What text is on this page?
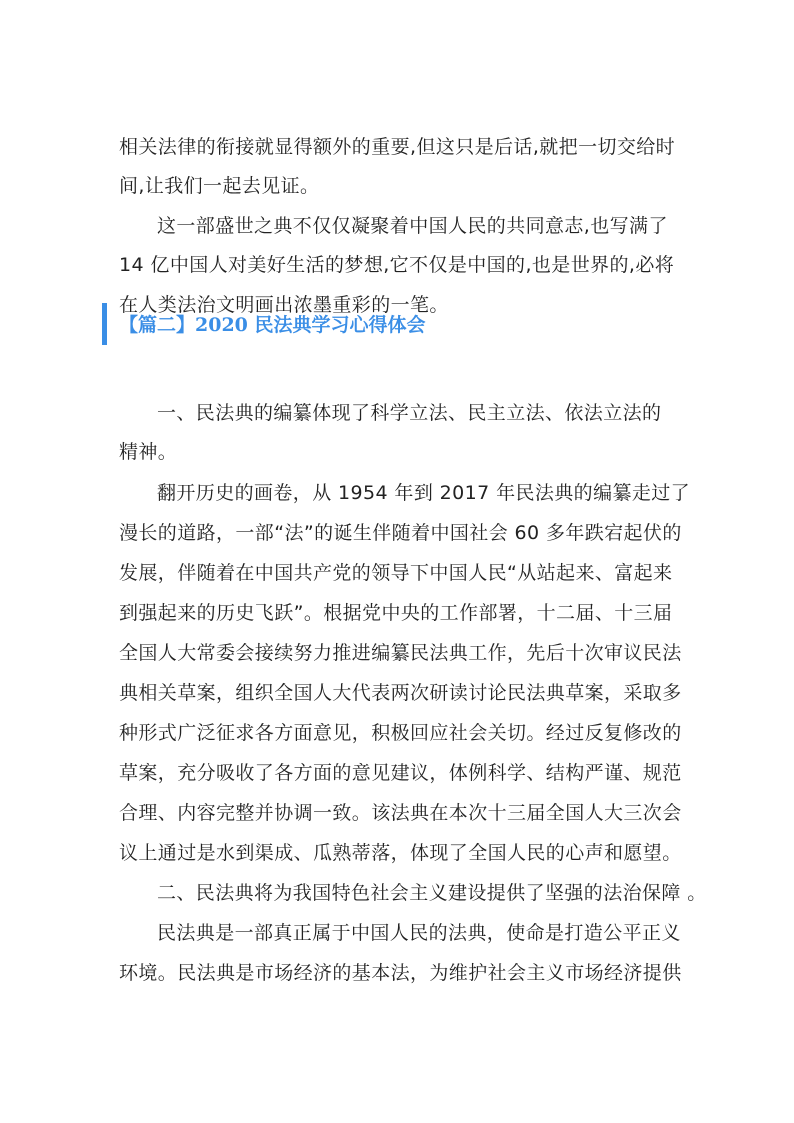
相关法律的衔接就显得额外的重要,但这只是后话,就把一切交给时
间,让我们一起去见证。
这一部盛世之典不仅仅凝聚着中国人民的共同意志,也写满了
14 亿中国人对美好生活的梦想,它不仅是中国的,也是世界的,必将
在人类法治文明画出浓墨重彩的一笔。
【篇二】2020 民法典学习心得体会
一、民法典的编纂体现了科学立法、民主立法、依法立法的
精神。
翻开历史的画卷，从 1954 年到 2017 年民法典的编纂走过了
漫长的道路，一部“法”的诞生伴随着中国社会 60 多年跌宕起伏的
发展，伴随着在中国共产党的领导下中国人民“从站起来、富起来
到强起来的历史飞跃”。根据党中央的工作部署，十二届、十三届
全国人大常委会接续努力推进编纂民法典工作，先后十次审议民法
典相关草案，组织全国人大代表两次研读讨论民法典草案，采取多
种形式广泛征求各方面意见，积极回应社会关切。经过反复修改的
草案，充分吸收了各方面的意见建议，体例科学、结构严谨、规范
合理、内容完整并协调一致。该法典在本次十三届全国人大三次会
议上通过是水到渠成、瓜熟蒂落，体现了全国人民的心声和愿望。
二、民法典将为我国特色社会主义建设提供了坚强的法治保障 。
民法典是一部真正属于中国人民的法典，使命是打造公平正义
环境。民法典是市场经济的基本法，为维护社会主义市场经济提供
